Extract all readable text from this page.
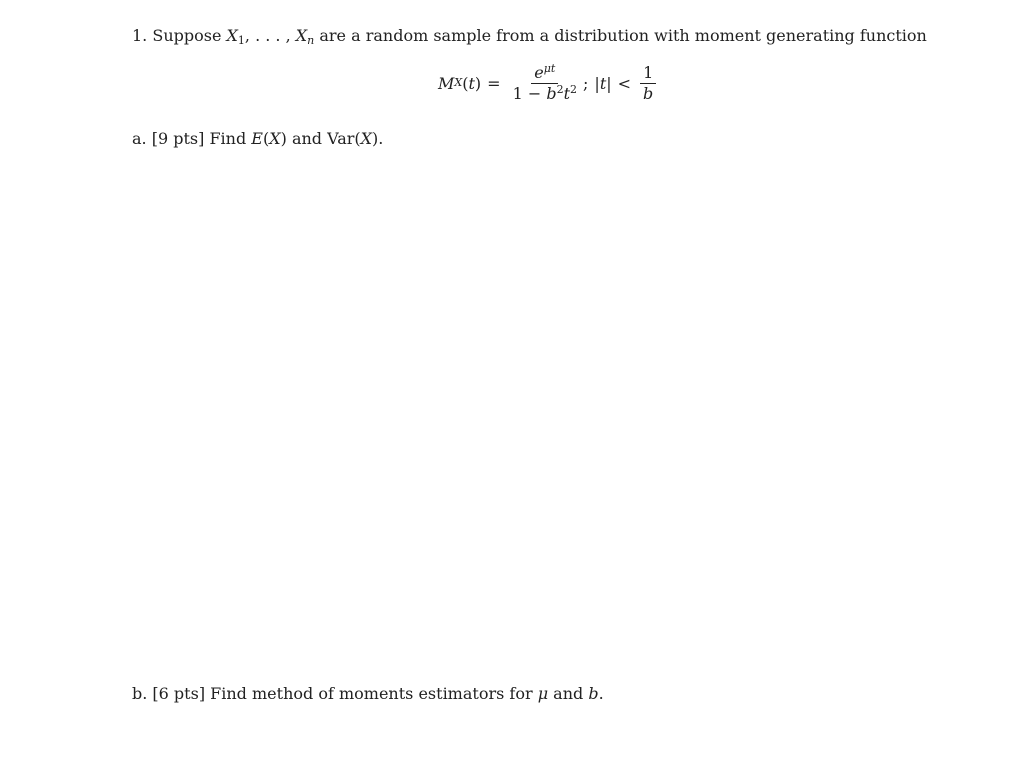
1. Suppose $X_1$, . . . , $X_n$ are a random sample from a distribution with moment generating function
M X ( t ) = $\frac{e^{\mu t}}{1 - b^2t^2}$ ; | t | < $\frac{1}{b}$
a. [9 pts] Find E(X) and Var(X).
b. [6 pts] Find method of moments estimators for μ and b.
